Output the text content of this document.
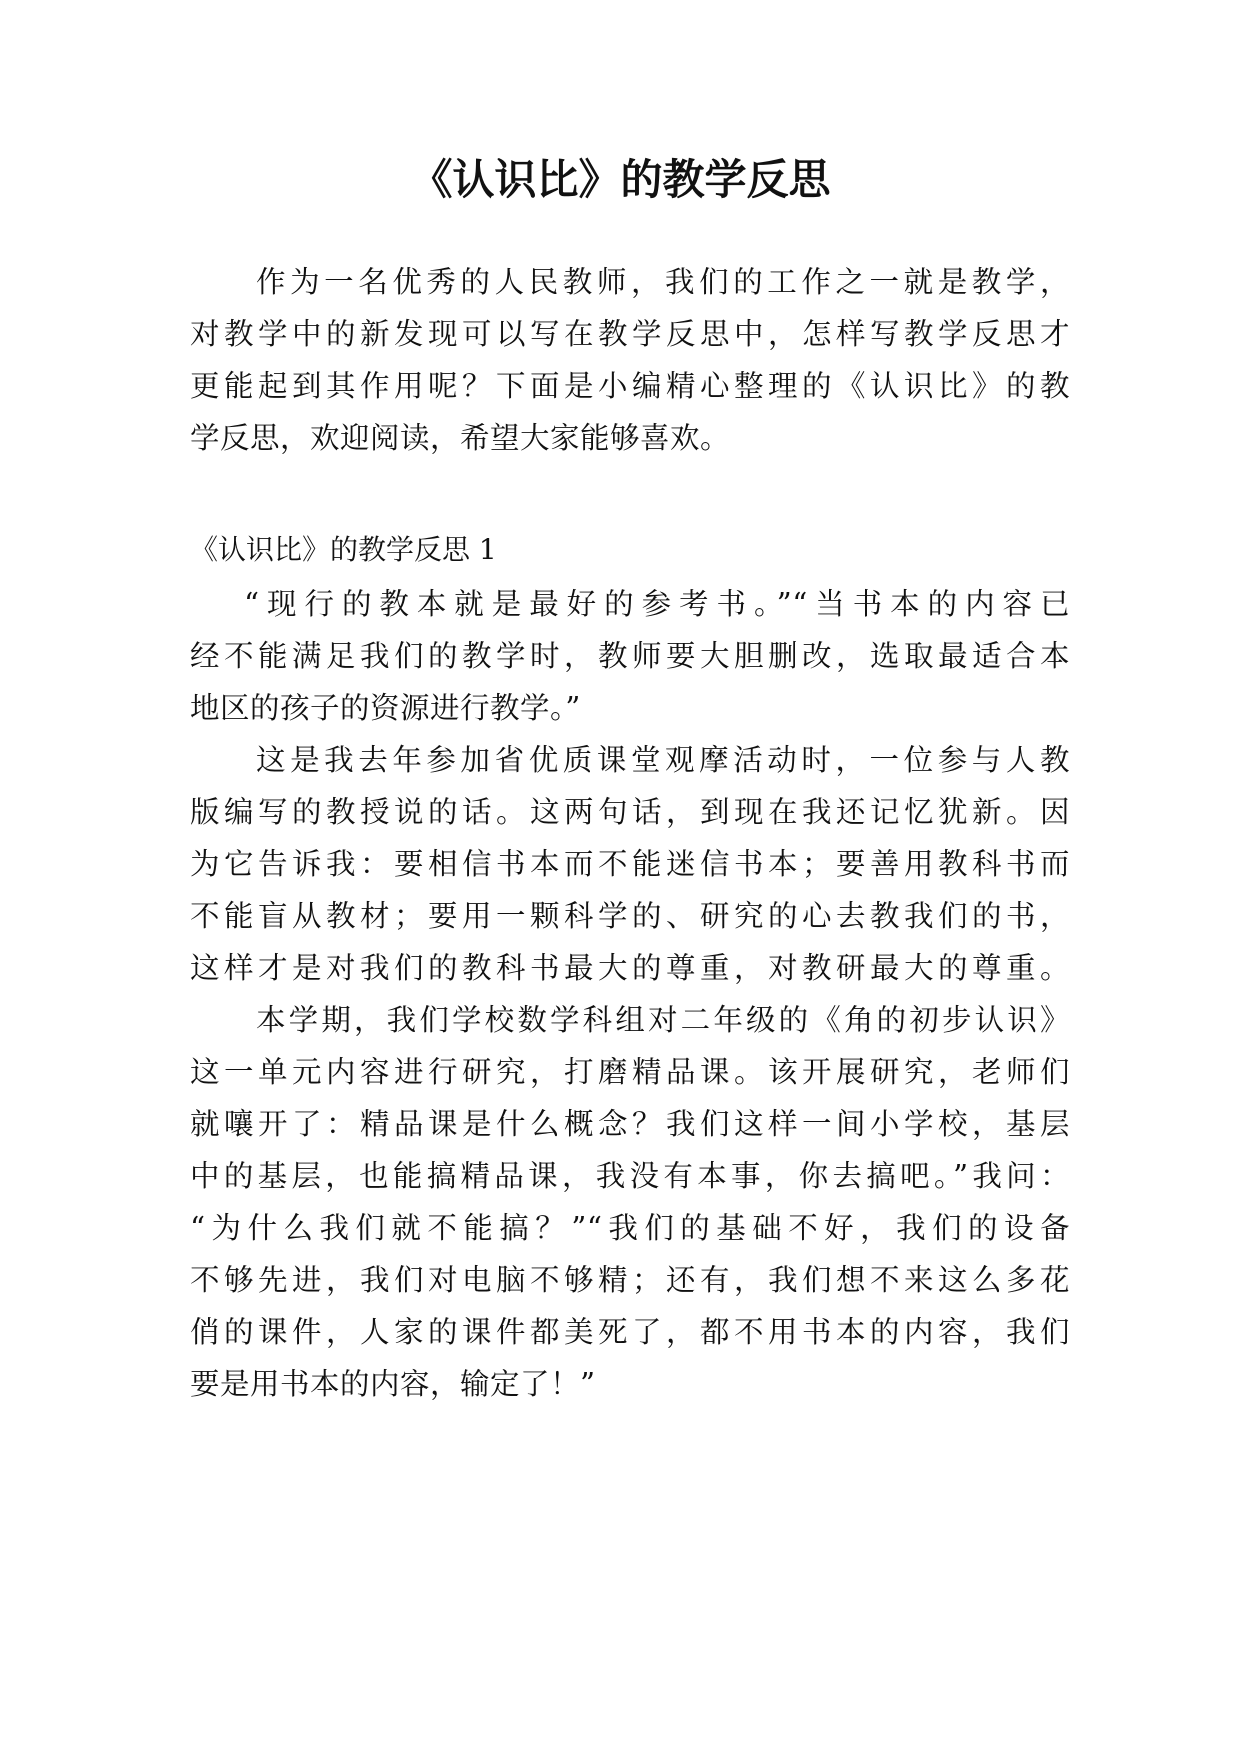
《认识比》的教学反思
作为一名优秀的人民教师，我们的工作之一就是教学，
对教学中的新发现可以写在教学反思中，怎样写教学反思才
更能起到其作用呢？下面是小编精心整理的《认识比》的教
学反思，欢迎阅读，希望大家能够喜欢。
《认识比》的教学反思 1
“现行的教本就是最好的参考书。”“当书本的内容已
经不能满足我们的教学时，教师要大胆删改，选取最适合本
地区的孩子的资源进行教学。”
这是我去年参加省优质课堂观摩活动时，一位参与人教
版编写的教授说的话。这两句话，到现在我还记忆犹新。因
为它告诉我：要相信书本而不能迷信书本；要善用教科书而
不能盲从教材；要用一颗科学的、研究的心去教我们的书，
这样才是对我们的教科书最大的尊重，对教研最大的尊重。
本学期，我们学校数学科组对二年级的《角的初步认识》
这一单元内容进行研究，打磨精品课。该开展研究，老师们
就嚷开了：精品课是什么概念？我们这样一间小学校，基层
中的基层，也能搞精品课，我没有本事，你去搞吧。”我问：
“为什么我们就不能搞？”“我们的基础不好，我们的设备
不够先进，我们对电脑不够精；还有，我们想不来这么多花
俏的课件，人家的课件都美死了，都不用书本的内容，我们
要是用书本的内容，输定了！”
